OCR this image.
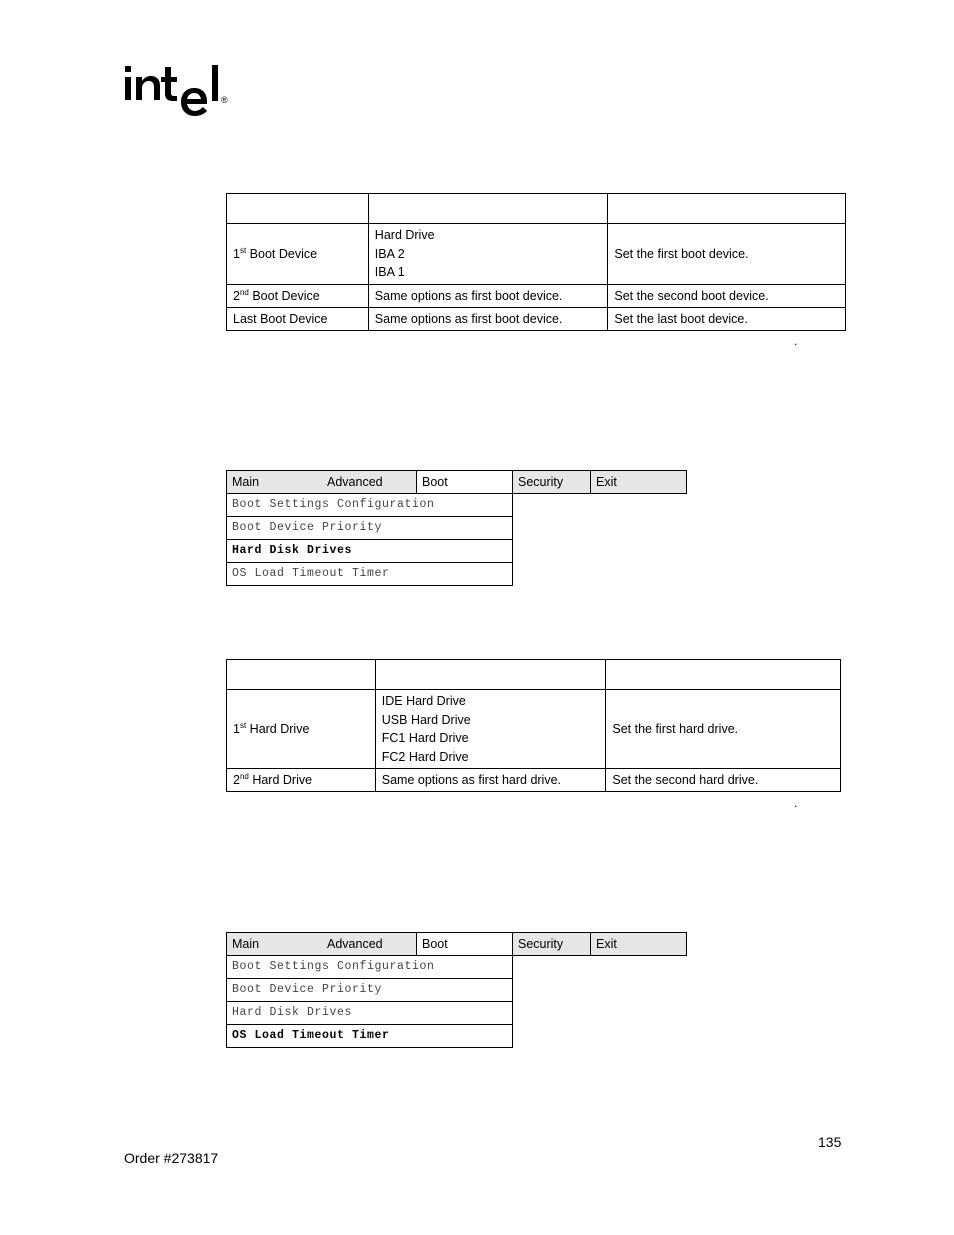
®

1st Boot Device	Hard Drive
IBA 2
IBA 1	Set the first boot device.
2nd Boot Device	Same options as first boot device.	Set the second boot device.
Last Boot Device	Same options as first boot device.	Set the last boot device.
.
Main	Advanced	Boot	Security	Exit
Boot Settings Configuration
Boot Device Priority
Hard Disk Drives
OS Load Timeout Timer

1st Hard Drive	IDE Hard Drive
USB Hard Drive
FC1 Hard Drive
FC2 Hard Drive	Set the first hard drive.
2nd Hard Drive	Same options as first hard drive.	Set the second hard drive.
.
Main	Advanced	Boot	Security	Exit
Boot Settings Configuration
Boot Device Priority
Hard Disk Drives
OS Load Timeout Timer
135
Order #273817
